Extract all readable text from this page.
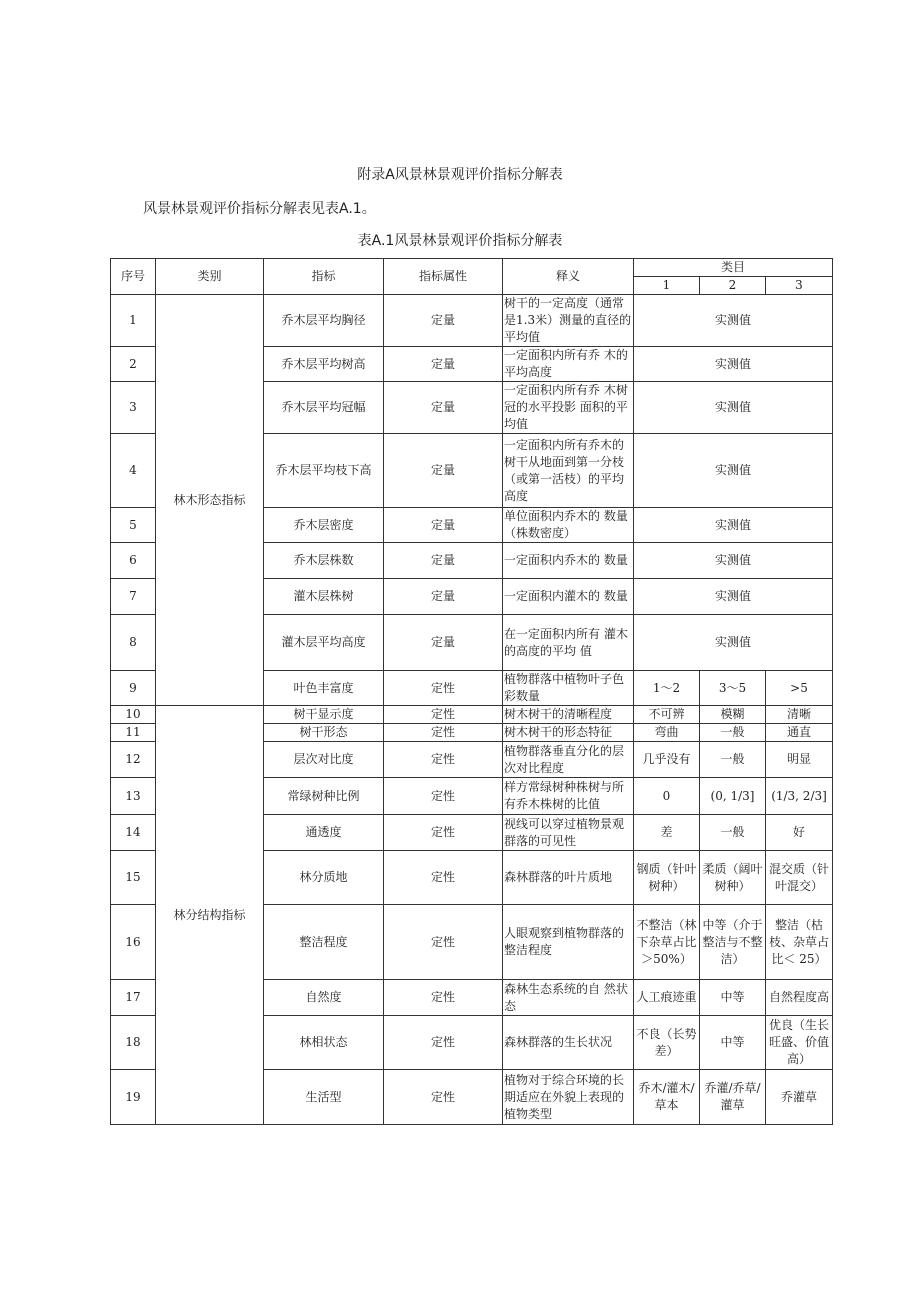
附录A风景林景观评价指标分解表
风景林景观评价指标分解表见表A.1。
表A.1风景林景观评价指标分解表
序号	类别	指标	指标属性	释义	类目		
					1	2	3
1	林木形态指标	乔木层平均胸径	定量	树干的一定高度（通常是1.3米）测量的直径的平均值	实测值		
2		乔木层平均树高	定量	一定面积内所有乔 木的平均高度	实测值		
3		乔木层平均冠幅	定量	一定面积内所有乔 木树冠的水平投影 面积的平均值	实测值		
4		乔木层平均枝下高	定量	一定面积内所有乔木的树干从地面到第一分枝（或第一活枝）的平均高度	实测值		
5		乔木层密度	定量	单位面积内乔木的 数量（株数密度）	实测值		
6		乔木层株数	定量	一定面积内乔木的 数量	实测值		
7		灌木层株树	定量	一定面积内灌木的 数量	实测值		
8		灌木层平均高度	定量	在一定面积内所有 灌木的高度的平均 值	实测值		
9		叶色丰富度	定性	植物群落中植物叶子色彩数量	1～2	3～5	>5
10	林分结构指标	树干显示度	定性	树木树干的清晰程度	不可辨	模糊	清晰
11		树干形态	定性	树木树干的形态特征	弯曲	一般	通直
12		层次对比度	定性	植物群落垂直分化的层次对比程度	几乎没有	一般	明显
13		常绿树种比例	定性	样方常绿树种株树与所有乔木株树的比值	0	(0, 1/3]	(1/3, 2/3]
14		通透度	定性	视线可以穿过植物景观群落的可见性	差	一般	好
15		林分质地	定性	森林群落的叶片质地	钢质（针叶树种）	柔质（阔叶树种）	混交质（针叶混交）
16		整洁程度	定性	人眼观察到植物群落的整洁程度	不整洁（林下杂草占比＞50%）	中等（介于整洁与不整洁）	整洁（枯枝、杂草占比＜ 25）
17		自然度	定性	森林生态系统的自 然状态	人工痕迹重	中等	自然程度高
18		林相状态	定性	森林群落的生长状况	不良（长势差）	中等	优良（生长旺盛、价值高）
19		生活型	定性	植物对于综合环境的长期适应在外貌上表现的植物类型	乔木/灌木/ 草本	乔灌/乔草/ 灌草	乔灌草
